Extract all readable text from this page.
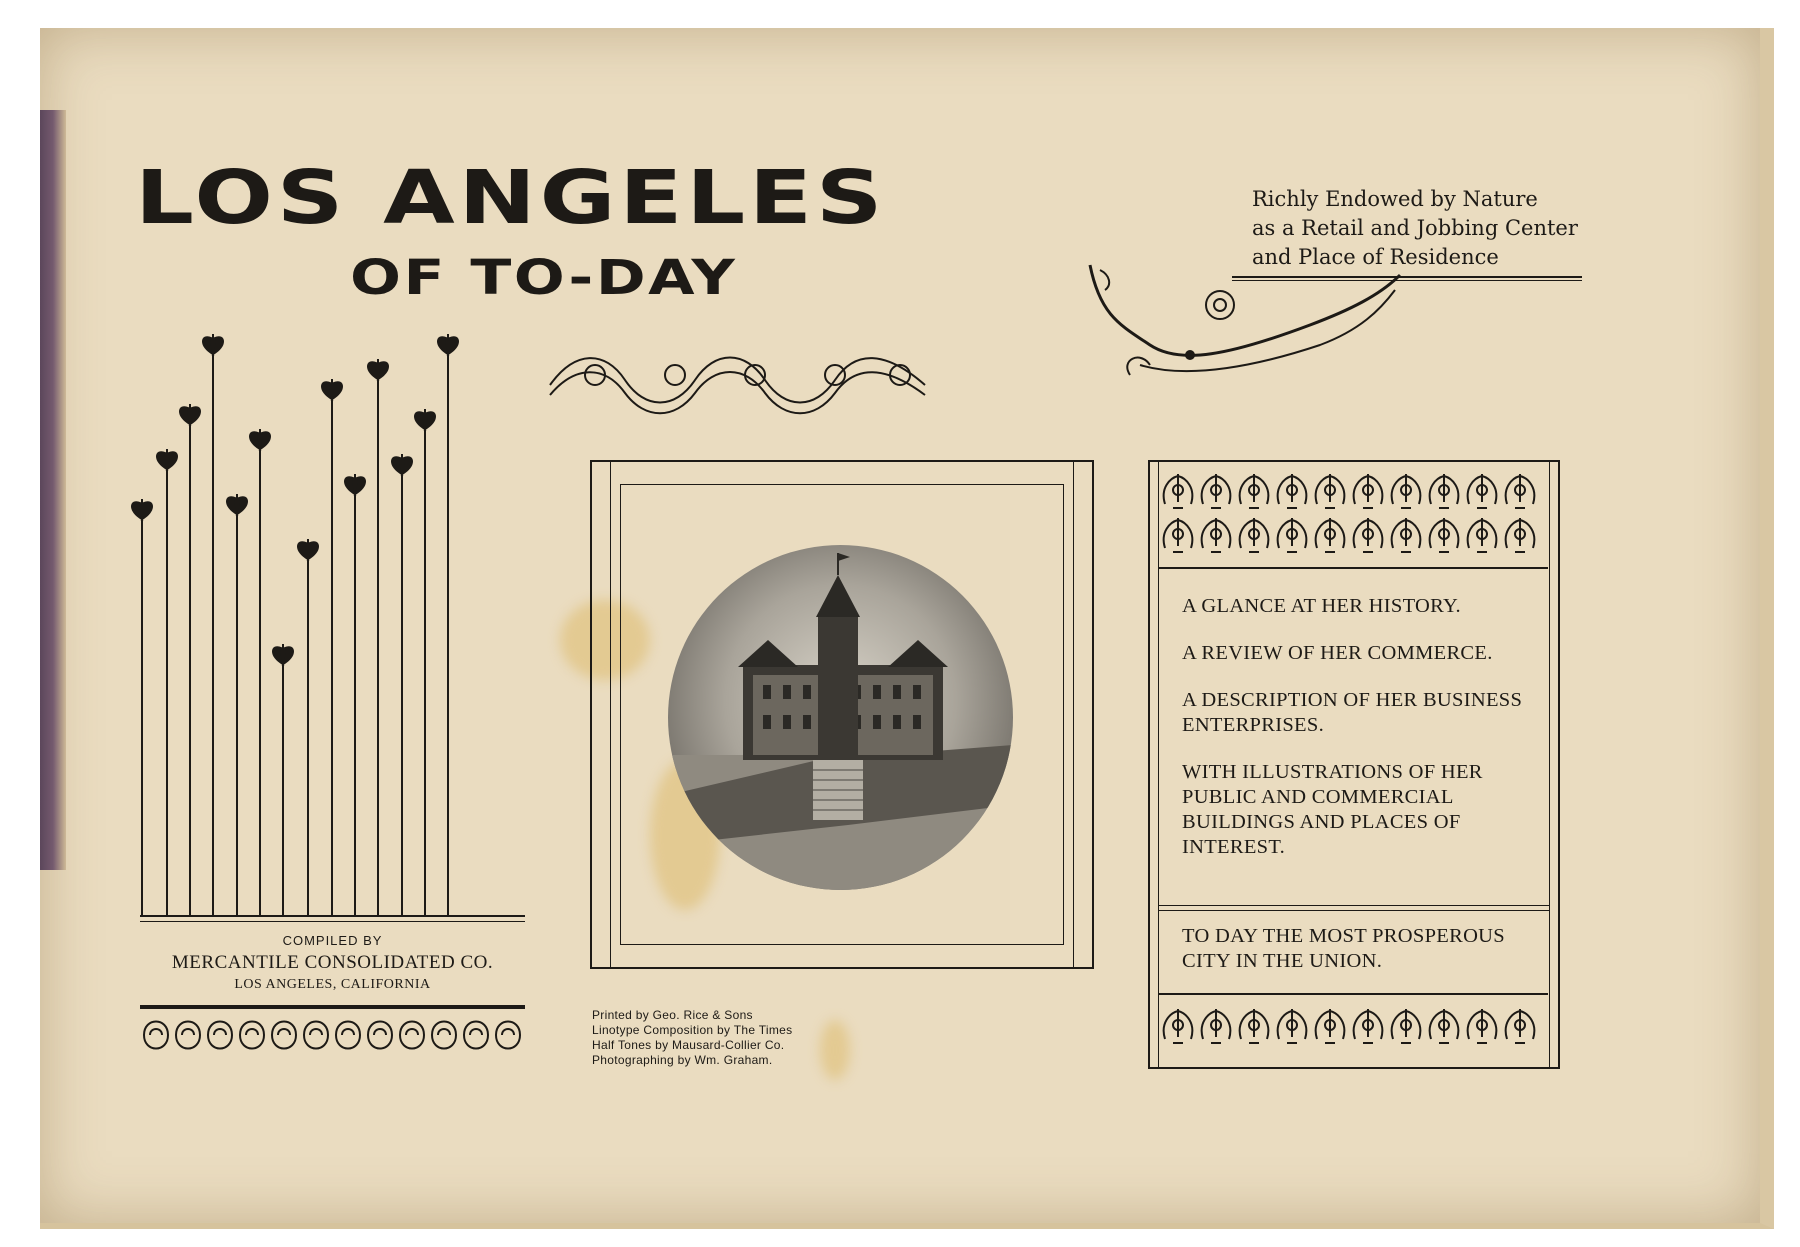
LOS ANGELES
OF TO-DAY
Richly Endowed by Nature
as a Retail and Jobbing Center
and Place of Residence
COMPILED BY
MERCANTILE CONSOLIDATED CO.
LOS ANGELES, CALIFORNIA
Printed by Geo. Rice & Sons
Linotype Composition by The Times
Half Tones by Mausard-Collier Co.
Photographing by Wm. Graham.

A GLANCE AT HER HISTORY.

A REVIEW OF HER COMMERCE.

A DESCRIPTION OF HER BUSINESS ENTERPRISES.

WITH ILLUSTRATIONS OF HER PUBLIC AND COMMERCIAL BUILDINGS AND PLACES OF INTEREST.

TO DAY THE MOST PROSPEROUS CITY IN THE UNION.
